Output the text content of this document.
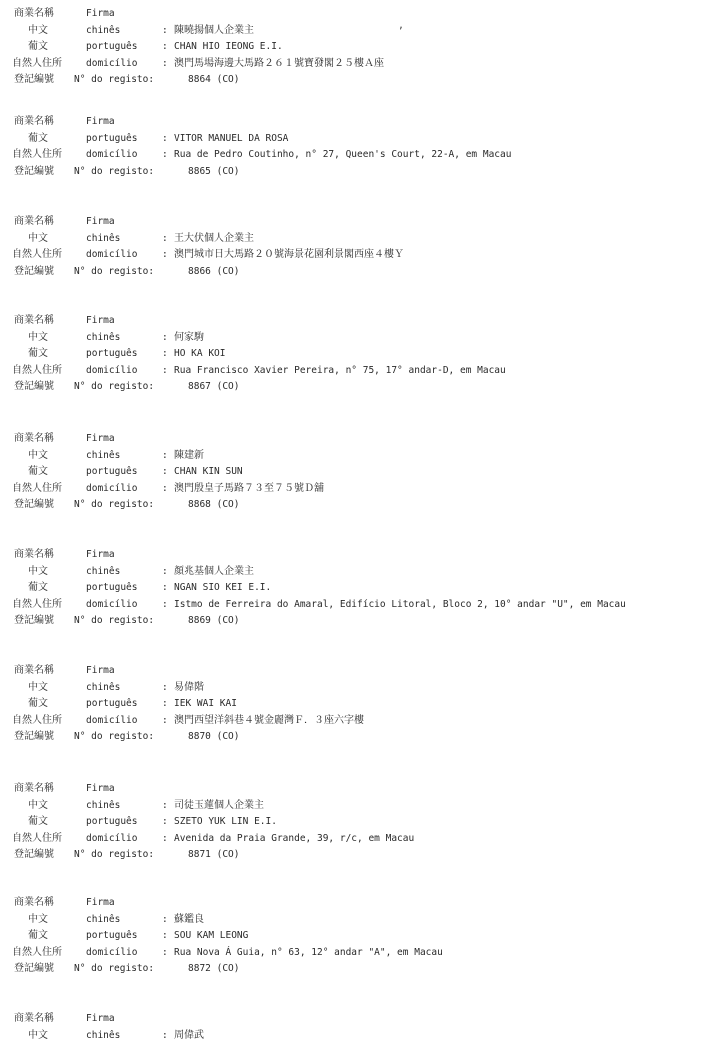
,
商業名稱	Firma
中文	chinês	: 陳曉揚個人企業主
葡文	português	: CHAN HIO IEONG E.I.
自然人住所	domicílio	: 澳門馬場海邊大馬路２６１號寶發閣２５樓Ａ座
登記編號 N° do registo:	8864 (CO)
商業名稱	Firma
葡文	português	: VITOR MANUEL DA ROSA
自然人住所	domicílio	: Rua de Pedro Coutinho, n° 27, Queen's Court, 22-A, em Macau
登記編號 N° do registo:	8865 (CO)
商業名稱	Firma
中文	chinês	: 王大伏個人企業主
自然人住所	domicílio	: 澳門城市日大馬路２０號海景花園利景閣西座４樓Ｙ
登記編號 N° do registo:	8866 (CO)
商業名稱	Firma
中文	chinês	: 何家駒
葡文	português	: HO KA KOI
自然人住所	domicílio	: Rua Francisco Xavier Pereira, n° 75, 17° andar-D, em Macau
登記編號 N° do registo:	8867 (CO)
商業名稱	Firma
中文	chinês	: 陳建新
葡文	português	: CHAN KIN SUN
自然人住所	domicílio	: 澳門殷皇子馬路７３至７５號Ｄ舖
登記編號 N° do registo:	8868 (CO)
商業名稱	Firma
中文	chinês	: 顏兆基個人企業主
葡文	português	: NGAN SIO KEI E.I.
自然人住所	domicílio	: Istmo de Ferreira do Amaral, Edifício Litoral, Bloco 2, 10° andar "U", em Macau
登記編號 N° do registo:	8869 (CO)
商業名稱	Firma
中文	chinês	: 易偉階
葡文	português	: IEK WAI KAI
自然人住所	domicílio	: 澳門西望洋斜巷４號金麗灣Ｆ．３座六字樓
登記編號 N° do registo:	8870 (CO)
商業名稱	Firma
中文	chinês	: 司徒玉蓮個人企業主
葡文	português	: SZETO YUK LIN E.I.
自然人住所	domicílio	: Avenida da Praia Grande, 39, r/c, em Macau
登記編號 N° do registo:	8871 (CO)
商業名稱	Firma
中文	chinês	: 蘇鑑良
葡文	português	: SOU KAM LEONG
自然人住所	domicílio	: Rua Nova Á Guia, n° 63, 12° andar "A", em Macau
登記編號 N° do registo:	8872 (CO)
商業名稱	Firma
中文	chinês	: 周偉武
